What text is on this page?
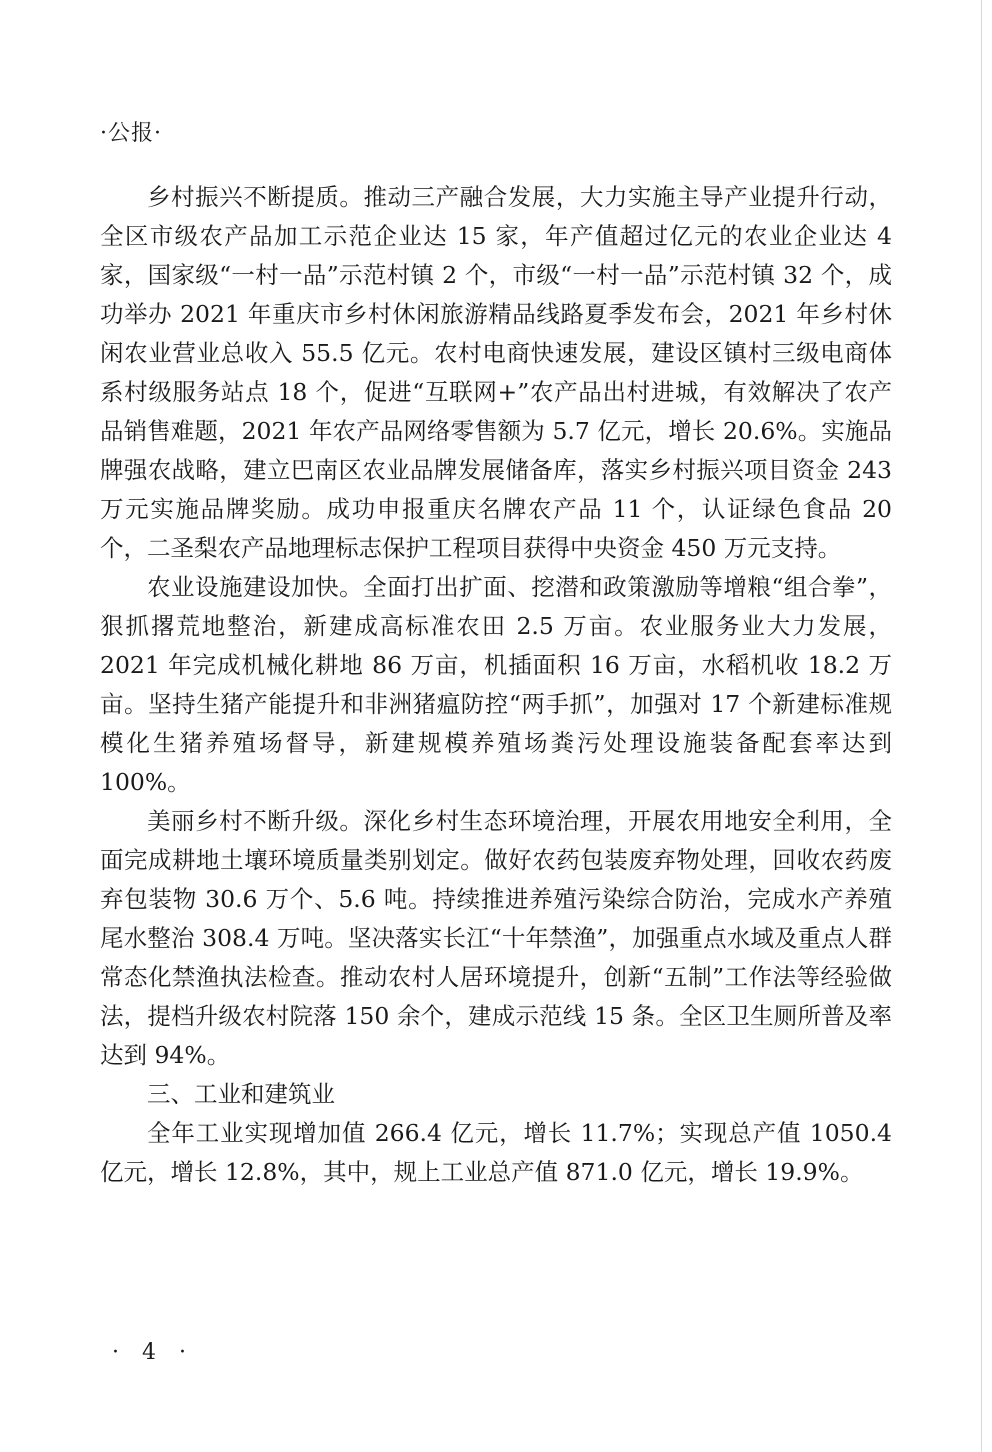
·公报·

乡村振兴不断提质。推动三产融合发展，大力实施主导产业提升行动，全区市级农产品加工示范企业达 15 家，年产值超过亿元的农业企业达 4 家，国家级“一村一品”示范村镇 2 个，市级“一村一品”示范村镇 32 个，成功举办 2021 年重庆市乡村休闲旅游精品线路夏季发布会，2021 年乡村休闲农业营业总收入 55.5 亿元。农村电商快速发展，建设区镇村三级电商体系村级服务站点 18 个，促进“互联网+”农产品出村进城，有效解决了农产品销售难题，2021 年农产品网络零售额为 5.7 亿元，增长 20.6%。实施品牌强农战略，建立巴南区农业品牌发展储备库，落实乡村振兴项目资金 243 万元实施品牌奖励。成功申报重庆名牌农产品 11 个，认证绿色食品 20 个，二圣梨农产品地理标志保护工程项目获得中央资金 450 万元支持。

农业设施建设加快。全面打出扩面、挖潜和政策激励等增粮“组合拳”，狠抓撂荒地整治，新建成高标准农田 2.5 万亩。农业服务业大力发展，2021 年完成机械化耕地 86 万亩，机插面积 16 万亩，水稻机收 18.2 万亩。坚持生猪产能提升和非洲猪瘟防控“两手抓”，加强对 17 个新建标准规模化生猪养殖场督导，新建规模养殖场粪污处理设施装备配套率达到 100%。

美丽乡村不断升级。深化乡村生态环境治理，开展农用地安全利用，全面完成耕地土壤环境质量类别划定。做好农药包装废弃物处理，回收农药废弃包装物 30.6 万个、5.6 吨。持续推进养殖污染综合防治，完成水产养殖尾水整治 308.4 万吨。坚决落实长江“十年禁渔”，加强重点水域及重点人群常态化禁渔执法检查。推动农村人居环境提升，创新“五制”工作法等经验做法，提档升级农村院落 150 余个，建成示范线 15 条。全区卫生厕所普及率达到 94%。

三、工业和建筑业

全年工业实现增加值 266.4 亿元，增长 11.7%；实现总产值 1050.4 亿元，增长 12.8%，其中，规上工业总产值 871.0 亿元，增长 19.9%。

· 4 ·
